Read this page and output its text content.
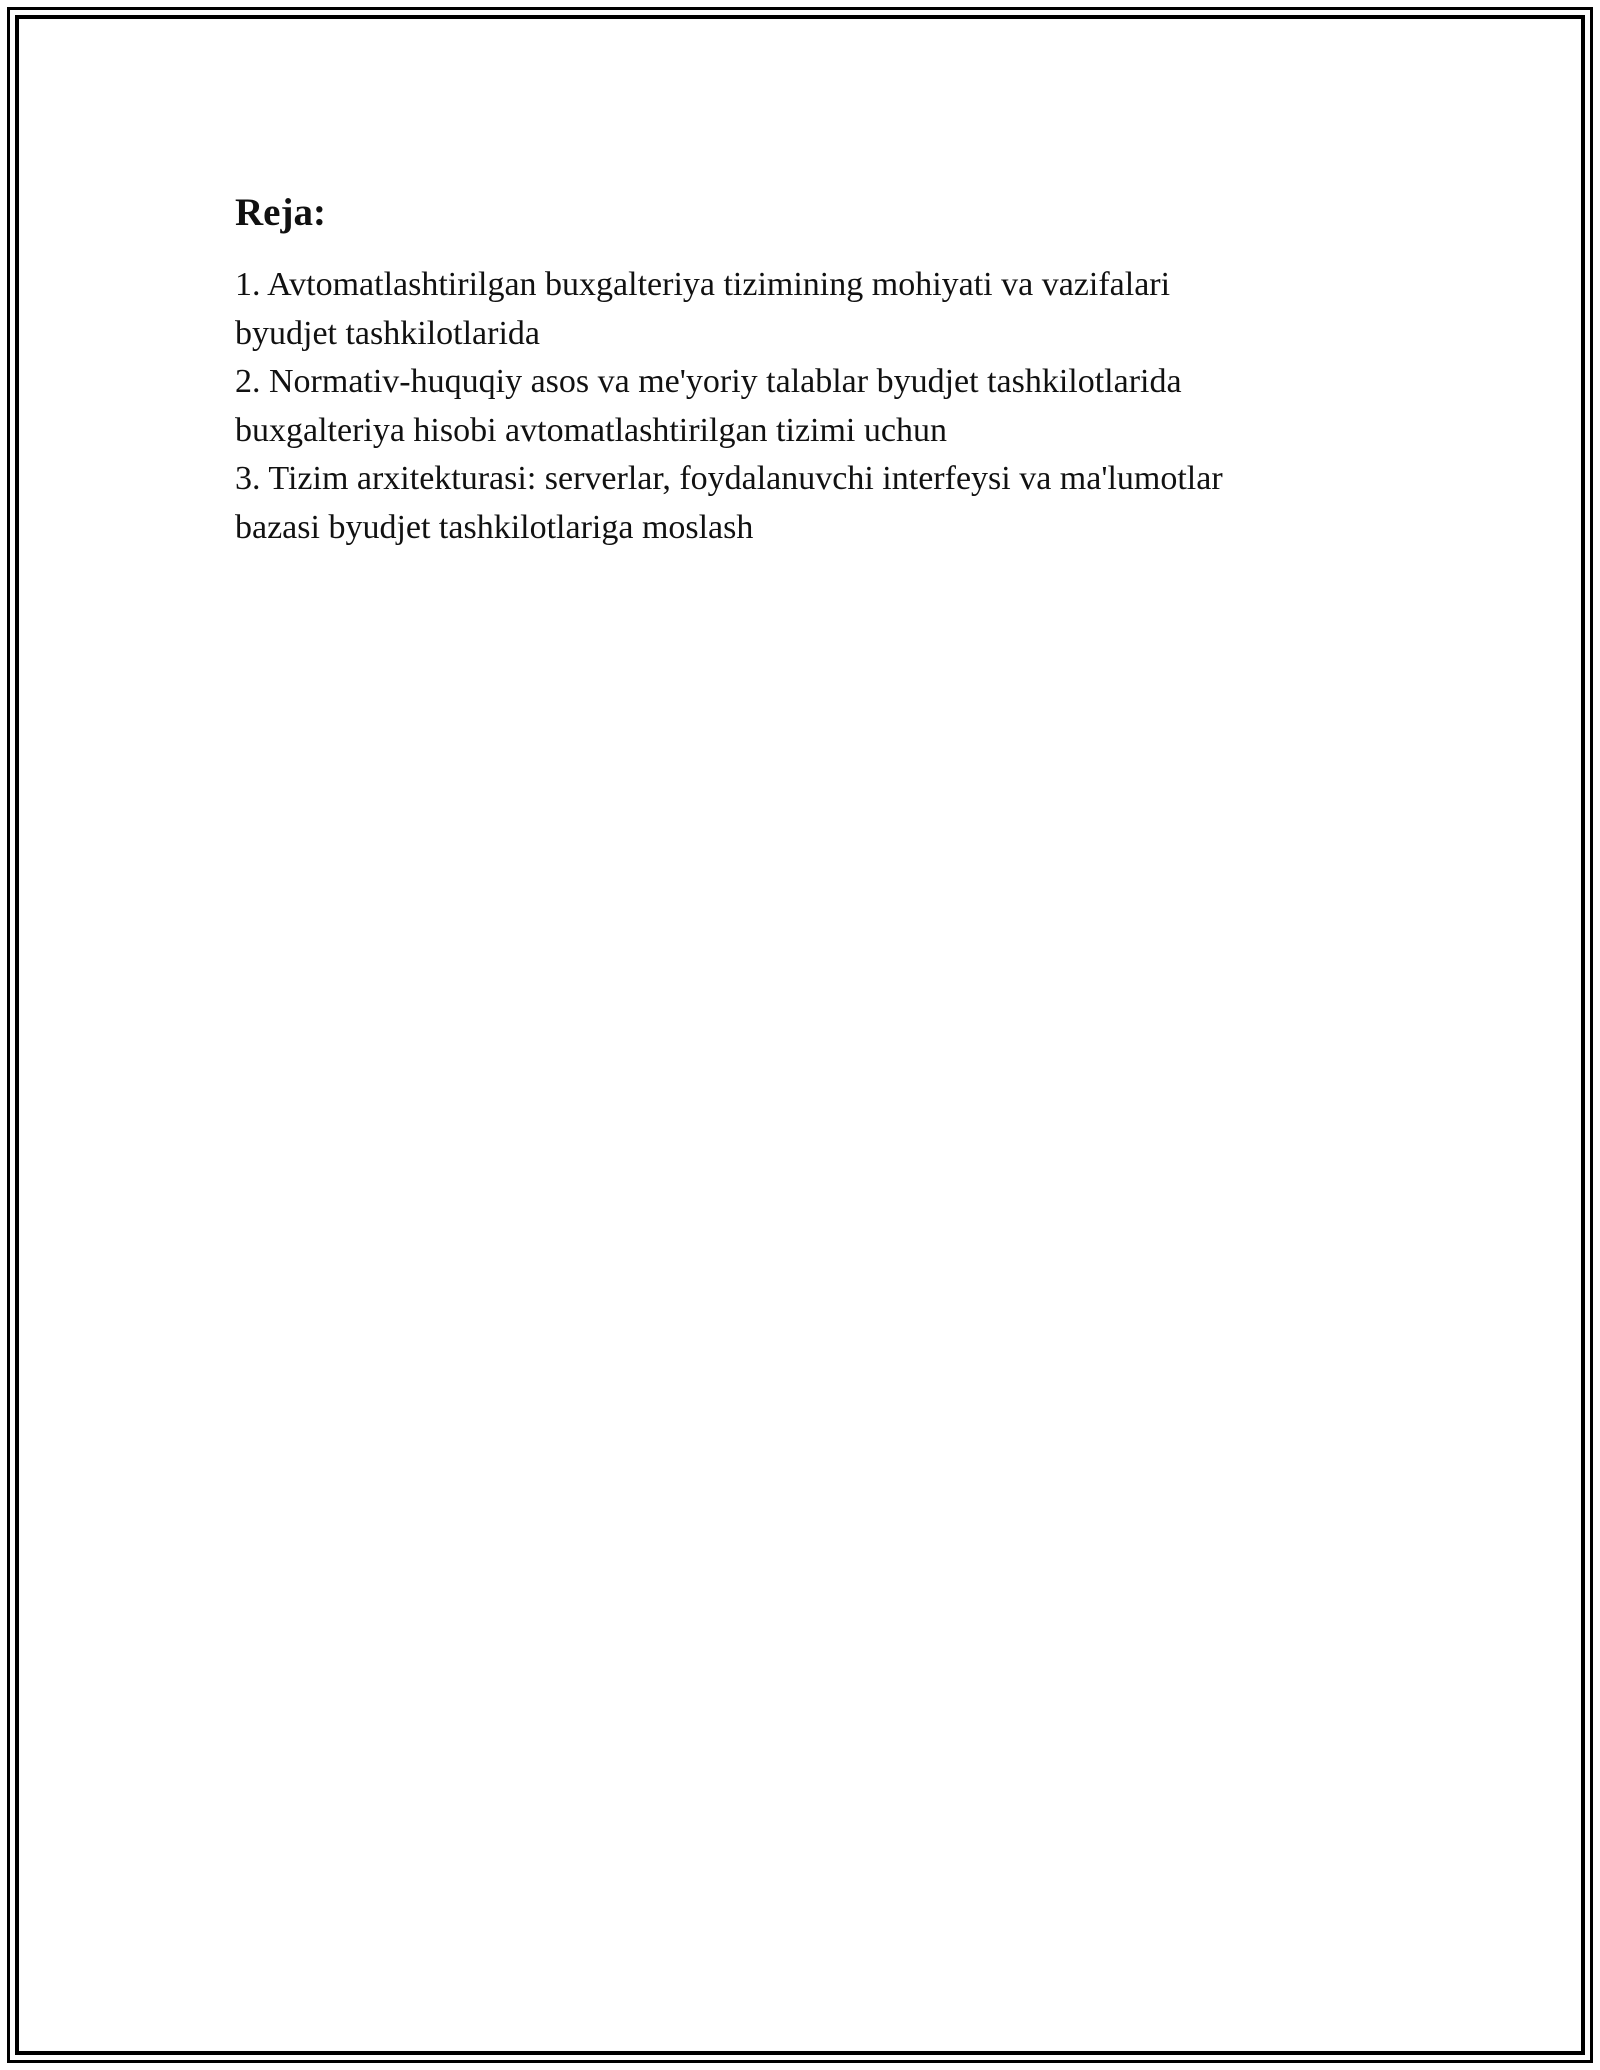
Reja:
1. Avtomatlashtirilgan buxgalteriya tizimining mohiyati va vazifalari
byudjet tashkilotlarida
2. Normativ-huquqiy asos va me'yoriy talablar byudjet tashkilotlarida
buxgalteriya hisobi avtomatlashtirilgan tizimi uchun
3. Tizim arxitekturasi: serverlar, foydalanuvchi interfeysi va ma'lumotlar
bazasi byudjet tashkilotlariga moslash
